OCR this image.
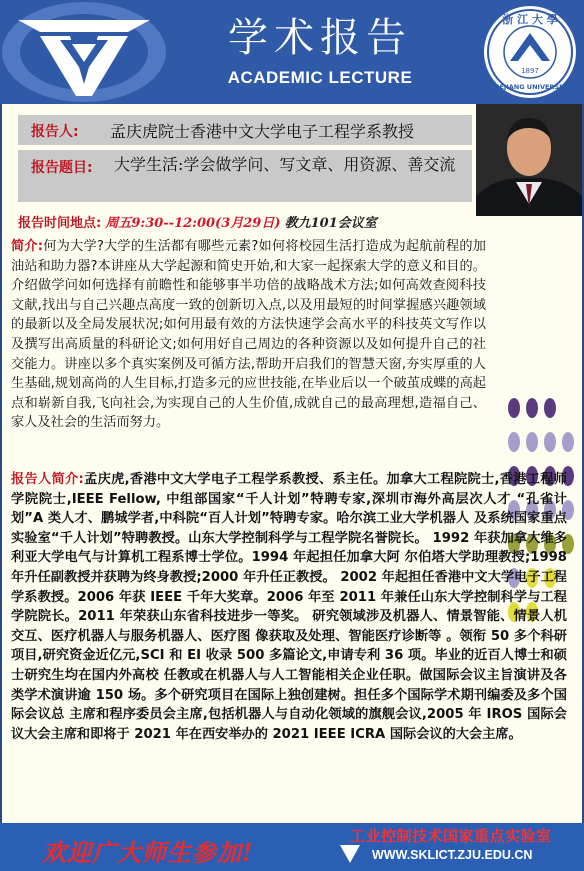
学术报告
ACADEMIC LECTURE
浙 江 大 學
1897
ZHEJIANG UNIVERSITY
报告人: 孟庆虎院士香港中文大学电子工程学系教授
报告题目:	大学生活:学会做学问、写文章、用资源、善交流
报告时间地点: 周五9:30--12:00(3月29日) 教九101会议室
简介:何为大学?大学的生活都有哪些元素?如何将校园生活打造成为起航前程的加油站和助力器?本讲座从大学起源和简史开始,和大家一起探索大学的意义和目的。介绍做学问如何选择有前瞻性和能够事半功倍的战略战术方法;如何高效查阅科技文献,找出与自己兴趣点高度一致的创新切入点,以及用最短的时间掌握感兴趣领域的最新以及全局发展状况;如何用最有效的方法快速学会高水平的科技英文写作以及撰写出高质量的科研论文;如何用好自己周边的各种资源以及如何提升自己的社交能力。讲座以多个真实案例及可循方法,帮助开启我们的智慧天窗,夯实厚重的人生基础,规划高尚的人生目标,打造多元的应世技能,在毕业后以一个破茧成蝶的高起点和崭新自我,飞向社会,为实现自己的人生价值,成就自己的最高理想,造福自己、家人及社会的生活而努力。
报告人简介:孟庆虎,香港中文大学电子工程学系教授、系主任。加拿大工程院院士,香港工程师 学院院士,IEEE Fellow, 中组部国家“千人计划”特聘专家,深圳市海外高层次人才 “孔雀计划”A 类人才、鹏城学者,中科院“百人计划”特聘专家。哈尔滨工业大学机器人 及系统国家重点实验室“千人计划”特聘教授。山东大学控制科学与工程学院名誉院长。 1992 年获加拿大维多利亚大学电气与计算机工程系博士学位。1994 年起担任加拿大阿 尔伯塔大学助理教授;1998 年升任副教授并获聘为终身教授;2000 年升任正教授。 2002 年起担任香港中文大学电子工程学系教授。2006 年获 IEEE 千年大奖章。2006 年至 2011 年兼任山东大学控制科学与工程学院院长。2011 年荣获山东省科技进步一等奖。 研究领域涉及机器人、情景智能、情景人机交互、医疗机器人与服务机器人、医疗图 像获取及处理、智能医疗诊断等 。领衔 50 多个科研项目,研究资金近亿元,SCI 和 EI 收录 500 多篇论文,申请专利 36 项。毕业的近百人博士和硕士研究生均在国内外高校 任教或在机器人与人工智能相关企业任职。做国际会议主旨演讲及各类学术演讲逾 150 场。多个研究项目在国际上独创建树。担任多个国际学术期刊编委及多个国际会议总 主席和程序委员会主席,包括机器人与自动化领域的旗舰会议,2005 年 IROS 国际会 议大会主席和即将于 2021 年在西安举办的 2021 IEEE ICRA 国际会议的大会主席。
欢迎广大师生参加!
工业控制技术国家重点实验室
WWW.SKLICT.ZJU.EDU.CN
